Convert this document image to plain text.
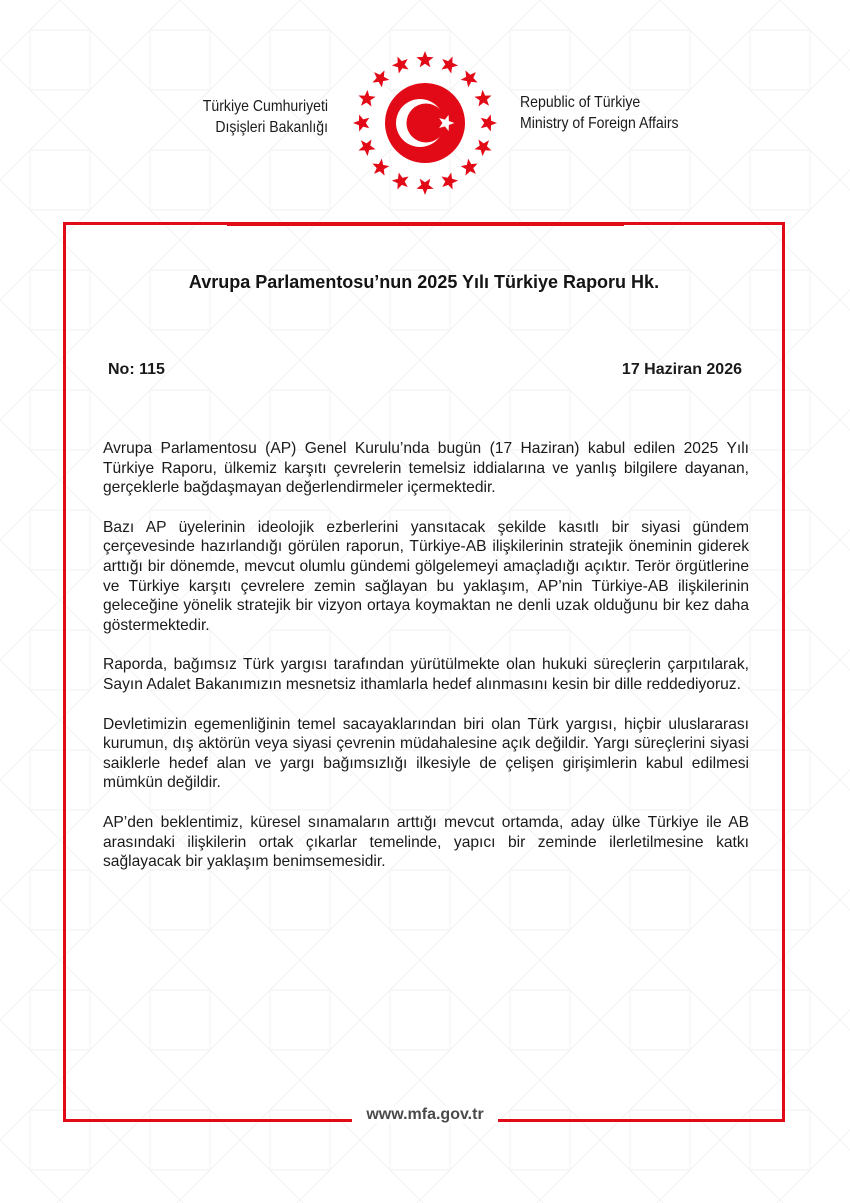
Türkiye Cumhuriyeti
Dışişleri Bakanlığı
Republic of Türkiye
Ministry of Foreign Affairs
Avrupa Parlamentosu’nun 2025 Yılı Türkiye Raporu Hk.
No: 115	17 Haziran 2026

Avrupa Parlamentosu (AP) Genel Kurulu’nda bugün (17 Haziran) kabul edilen 2025 Yılı Türkiye Raporu, ülkemiz karşıtı çevrelerin temelsiz iddialarına ve yanlış bilgilere dayanan, gerçeklerle bağdaşmayan değerlendirmeler içermektedir.

Bazı AP üyelerinin ideolojik ezberlerini yansıtacak şekilde kasıtlı bir siyasi gündem çerçevesinde hazırlandığı görülen raporun, Türkiye-AB ilişkilerinin stratejik öneminin giderek arttığı bir dönemde, mevcut olumlu gündemi gölgelemeyi amaçladığı açıktır. Terör örgütlerine ve Türkiye karşıtı çevrelere zemin sağlayan bu yaklaşım, AP’nin Türkiye-AB ilişkilerinin geleceğine yönelik stratejik bir vizyon ortaya koymaktan ne denli uzak olduğunu bir kez daha göstermektedir.

Raporda, bağımsız Türk yargısı tarafından yürütülmekte olan hukuki süreçlerin çarpıtılarak, Sayın Adalet Bakanımızın mesnetsiz ithamlarla hedef alınmasını kesin bir dille reddediyoruz.

Devletimizin egemenliğinin temel sacayaklarından biri olan Türk yargısı, hiçbir uluslararası kurumun, dış aktörün veya siyasi çevrenin müdahalesine açık değildir. Yargı süreçlerini siyasi saiklerle hedef alan ve yargı bağımsızlığı ilkesiyle de çelişen girişimlerin kabul edilmesi mümkün değildir.

AP’den beklentimiz, küresel sınamaların arttığı mevcut ortamda, aday ülke Türkiye ile AB arasındaki ilişkilerin ortak çıkarlar temelinde, yapıcı bir zeminde ilerletilmesine katkı sağlayacak bir yaklaşım benimsemesidir.

www.mfa.gov.tr
